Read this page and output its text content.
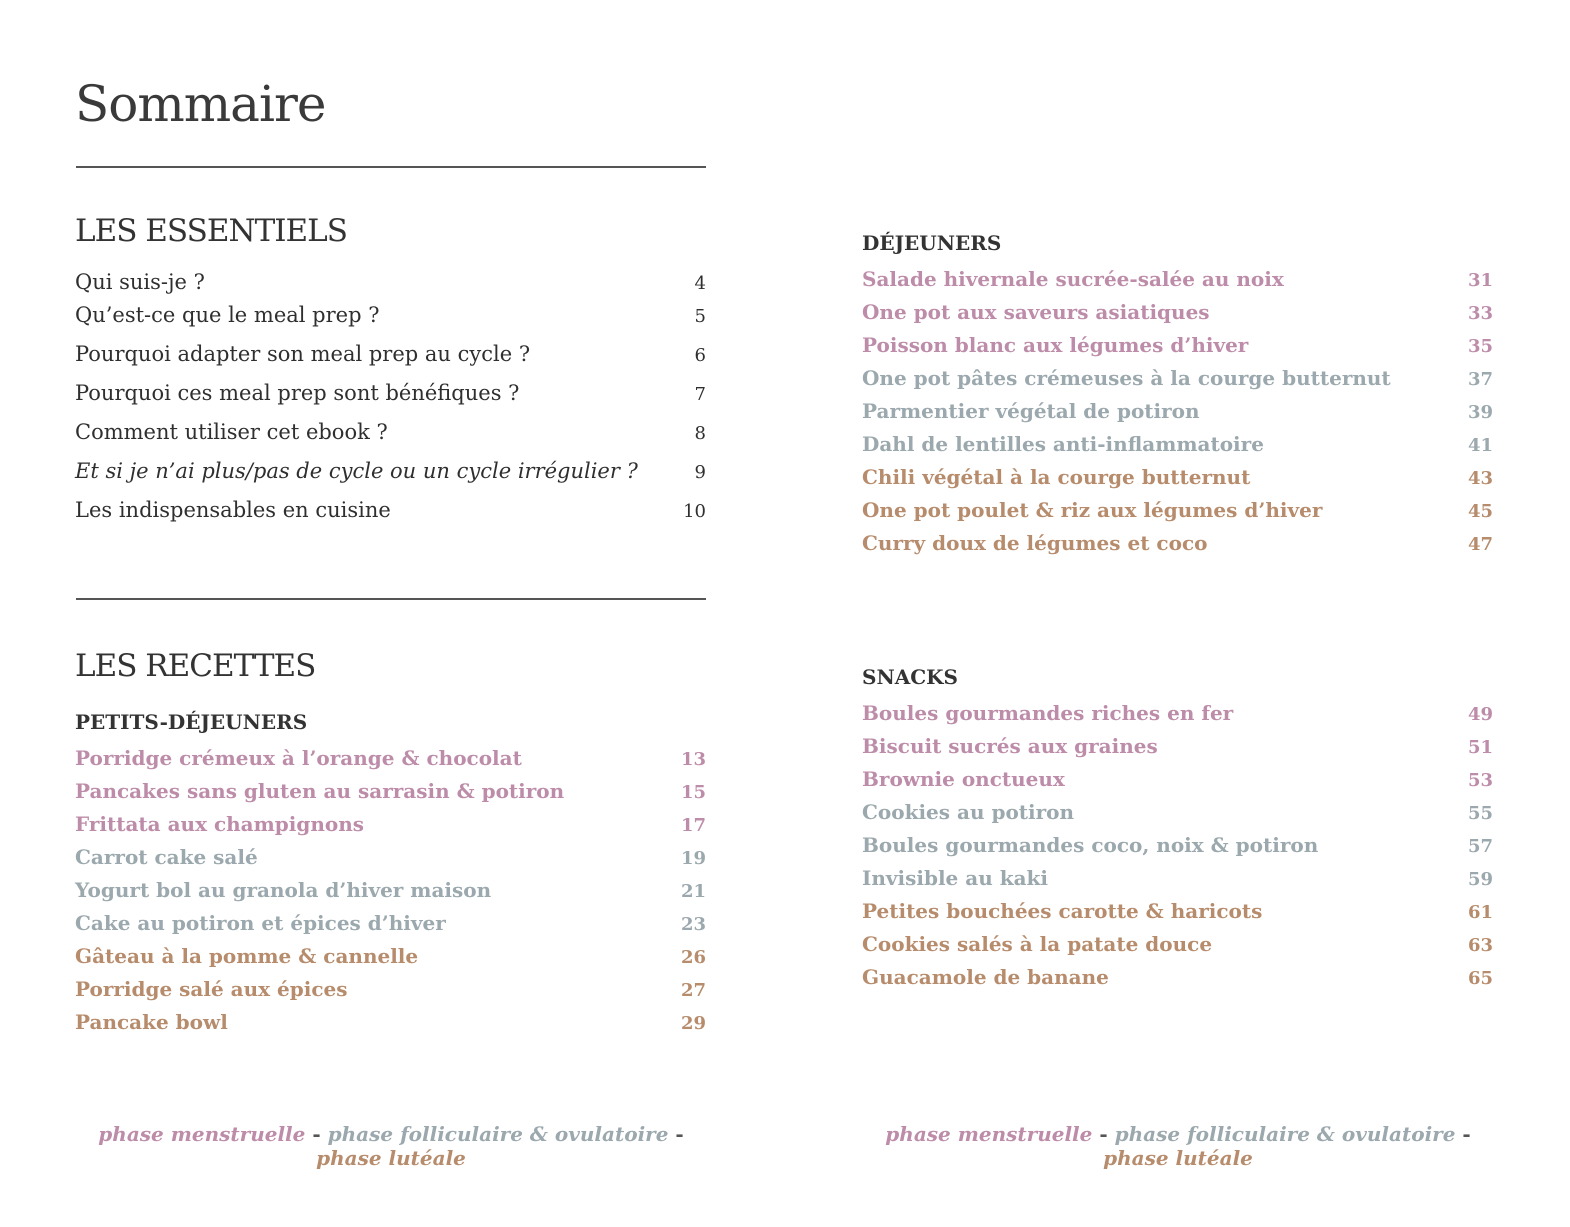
Sommaire
LES ESSENTIELS
Qui suis-je ?	4
Qu’est-ce que le meal prep ?	5
Pourquoi adapter son meal prep au cycle ?	6
Pourquoi ces meal prep sont bénéfiques ?	7
Comment utiliser cet ebook ?	8
Et si je n’ai plus/pas de cycle ou un cycle irrégulier ?	9
Les indispensables en cuisine	10
LES RECETTES
PETITS-DÉJEUNERS
Porridge crémeux à l’orange & chocolat	13
Pancakes sans gluten au sarrasin & potiron	15
Frittata aux champignons	17
Carrot cake salé	19
Yogurt bol au granola d’hiver maison	21
Cake au potiron et épices d’hiver	23
Gâteau à la pomme & cannelle	26
Porridge salé aux épices	27
Pancake bowl	29
DÉJEUNERS
Salade hivernale sucrée-salée au noix	31
One pot aux saveurs asiatiques	33
Poisson blanc aux légumes d’hiver	35
One pot pâtes crémeuses à la courge butternut	37
Parmentier végétal de potiron	39
Dahl de lentilles anti-inflammatoire	41
Chili végétal à la courge butternut	43
One pot poulet & riz aux légumes d’hiver	45
Curry doux de légumes et coco	47
SNACKS
Boules gourmandes riches en fer	49
Biscuit sucrés aux graines	51
Brownie onctueux	53
Cookies au potiron	55
Boules gourmandes coco, noix & potiron	57
Invisible au kaki	59
Petites bouchées carotte & haricots	61
Cookies salés à la patate douce	63
Guacamole de banane	65
phase menstruelle - phase folliculaire & ovulatoire - phase lutéale
phase menstruelle - phase folliculaire & ovulatoire - phase lutéale
